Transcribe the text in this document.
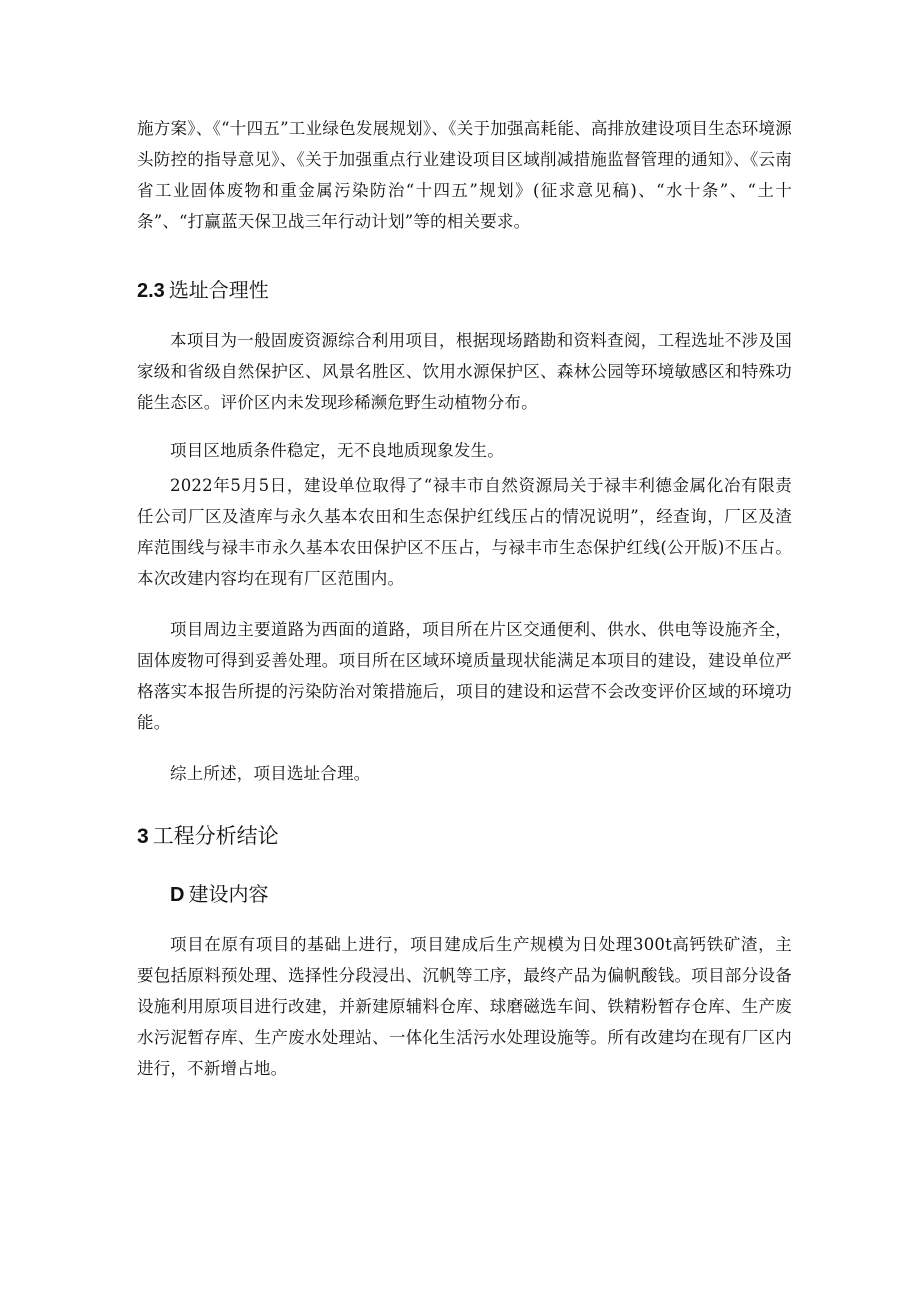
施方案》、《“十四五”工业绿色发展规划》、《关于加强高耗能、高排放建设项目生态环境源头防控的指导意见》、《关于加强重点行业建设项目区域削减措施监督管理的通知》、《云南省工业固体废物和重金属污染防治“十四五”规划》(征求意见稿)、“水十条”、“土十条”、“打赢蓝天保卫战三年行动计划”等的相关要求。

2.3 选址合理性

本项目为一般固废资源综合利用项目，根据现场踏勘和资料查阅，工程选址不涉及国家级和省级自然保护区、风景名胜区、饮用水源保护区、森林公园等环境敏感区和特殊功能生态区。评价区内未发现珍稀濒危野生动植物分布。

项目区地质条件稳定，无不良地质现象发生。

2022年5月5日，建设单位取得了“禄丰市自然资源局关于禄丰利德金属化冶有限责任公司厂区及渣库与永久基本农田和生态保护红线压占的情况说明”，经查询，厂区及渣库范围线与禄丰市永久基本农田保护区不压占，与禄丰市生态保护红线(公开版)不压占。本次改建内容均在现有厂区范围内。

项目周边主要道路为西面的道路，项目所在片区交通便利、供水、供电等设施齐全，固体废物可得到妥善处理。项目所在区域环境质量现状能满足本项目的建设，建设单位严格落实本报告所提的污染防治对策措施后，项目的建设和运营不会改变评价区域的环境功能。

综上所述，项目选址合理。

3 工程分析结论
D 建设内容

项目在原有项目的基础上进行，项目建成后生产规模为日处理300t高钙铁矿渣，主要包括原料预处理、选择性分段浸出、沉帆等工序，最终产品为偏帆酸钱。项目部分设备设施利用原项目进行改建，并新建原辅料仓库、球磨磁选车间、铁精粉暂存仓库、生产废水污泥暂存库、生产废水处理站、一体化生活污水处理设施等。所有改建均在现有厂区内进行，不新增占地。
